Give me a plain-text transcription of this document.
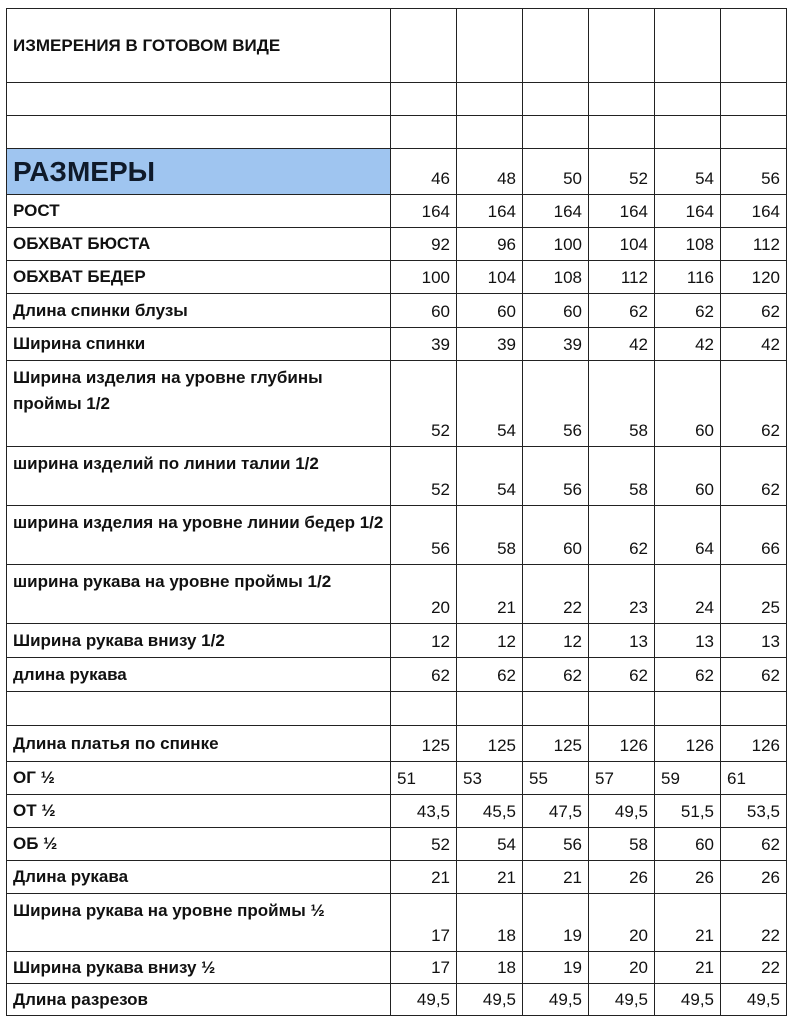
ИЗМЕРЕНИЯ В ГОТОВОМ ВИДЕ						

РАЗМЕРЫ	46	48	50	52	54	56
РОСТ	164	164	164	164	164	164
ОБХВАТ БЮСТА	92	96	100	104	108	112
ОБХВАТ БЕДЕР	100	104	108	112	116	120
Длина спинки блузы	60	60	60	62	62	62
Ширина спинки	39	39	39	42	42	42
Ширина изделия на уровне глубины проймы 1/2	52	54	56	58	60	62
ширина изделий по линии талии 1/2	52	54	56	58	60	62
ширина изделия на уровне линии бедер 1/2	56	58	60	62	64	66
ширина рукава на уровне проймы 1/2	20	21	22	23	24	25
Ширина рукава внизу 1/2	12	12	12	13	13	13
длина рукава	62	62	62	62	62	62

Длина платья по спинке	125	125	125	126	126	126
ОГ ½	51	53	55	57	59	61
ОТ ½	43,5	45,5	47,5	49,5	51,5	53,5
ОБ ½	52	54	56	58	60	62
Длина рукава	21	21	21	26	26	26
Ширина рукава на уровне проймы ½	17	18	19	20	21	22
Ширина рукава внизу ½	17	18	19	20	21	22
Длина разрезов	49,5	49,5	49,5	49,5	49,5	49,5
